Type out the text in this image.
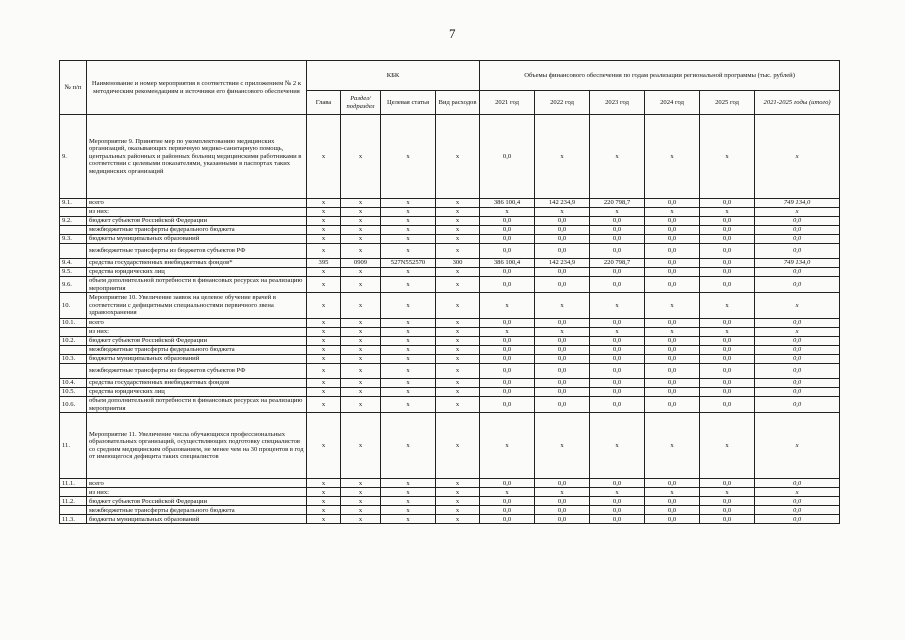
7
№ п/п	Наименование и номер мероприятия в соответствии с приложением № 2 к методическим рекомендациям и источники его финансового обеспечения	КБК				Объемы финансового обеспечения по годам реализации региональной программы (тыс. рублей)					
		Глава	Раздел/ подраздел	Целевая статья	Вид расходов	2021 год	2022 год	2023 год	2024 год	2025 год	2021-2025 годы (итого)
9.	Мероприятие 9. Принятие мер по укомплектованию медицинских организаций, оказывающих первичную медико-санитарную помощь, центральных районных и районных больниц медицинскими работниками в соответствии с целевыми показателями, указанными в паспортах таких медицинских организаций	х	х	х	х	0,0	х	х	х	х	х
9.1.	всего	х	х	х	х	386 100,4	142 234,9	220 798,7	0,0	0,0	749 134,0
	из них:	х	х	х	х	х	х	х	х	х	х
9.2.	бюджет субъектов Российской Федерации	х	х	х	х	0,0	0,0	0,0	0,0	0,0	0,0
	межбюджетные трансферты федерального бюджета	х	х	х	х	0,0	0,0	0,0	0,0	0,0	0,0
9.3.	бюджеты муниципальных образований	х	х	х	х	0,0	0,0	0,0	0,0	0,0	0,0
	межбюджетные трансферты из бюджетов субъектов РФ	х	х	х	х	0,0	0,0	0,0	0,0	0,0	0,0
9.4.	средства государственных внебюджетных фондов*	395	0909	527N552570	300	386 100,4	142 234,9	220 798,7	0,0	0,0	749 134,0
9.5.	средства юридических лиц	х	х	х	х	0,0	0,0	0,0	0,0	0,0	0,0
9.6.	объем дополнительной потребности в финансовых ресурсах на реализацию мероприятия	х	х	х	х	0,0	0,0	0,0	0,0	0,0	0,0
10.	Мероприятие 10. Увеличение заявок на целевое обучение врачей в соответствии с дефицитными специальностями первичного звена здравоохранения	х	х	х	х	х	х	х	х	х	х
10.1.	всего	х	х	х	х	0,0	0,0	0,0	0,0	0,0	0,0
	из них:	х	х	х	х	х	х	х	х	х	х
10.2.	бюджет субъектов Российской Федерации	х	х	х	х	0,0	0,0	0,0	0,0	0,0	0,0
	межбюджетные трансферты федерального бюджета	х	х	х	х	0,0	0,0	0,0	0,0	0,0	0,0
10.3.	бюджеты муниципальных образований	х	х	х	х	0,0	0,0	0,0	0,0	0,0	0,0
	межбюджетные трансферты из бюджетов субъектов РФ	х	х	х	х	0,0	0,0	0,0	0,0	0,0	0,0
10.4.	средства государственных внебюджетных фондов	х	х	х	х	0,0	0,0	0,0	0,0	0,0	0,0
10.5.	средства юридических лиц	х	х	х	х	0,0	0,0	0,0	0,0	0,0	0,0
10.6.	объем дополнительной потребности в финансовых ресурсах на реализацию мероприятия	х	х	х	х	0,0	0,0	0,0	0,0	0,0	0,0
11.	Мероприятие 11. Увеличение числа обучающихся профессиональных образовательных организаций, осуществляющих подготовку специалистов со средним медицинским образованием, не менее чем на 30 процентов в год от имеющегося дефицита таких специалистов	х	х	х	х	х	х	х	х	х	х
11.1.	всего	х	х	х	х	0,0	0,0	0,0	0,0	0,0	0,0
	из них:	х	х	х	х	х	х	х	х	х	х
11.2.	бюджет субъектов Российской Федерации	х	х	х	х	0,0	0,0	0,0	0,0	0,0	0,0
	межбюджетные трансферты федерального бюджета	х	х	х	х	0,0	0,0	0,0	0,0	0,0	0,0
11.3.	бюджеты муниципальных образований	х	х	х	х	0,0	0,0	0,0	0,0	0,0	0,0
